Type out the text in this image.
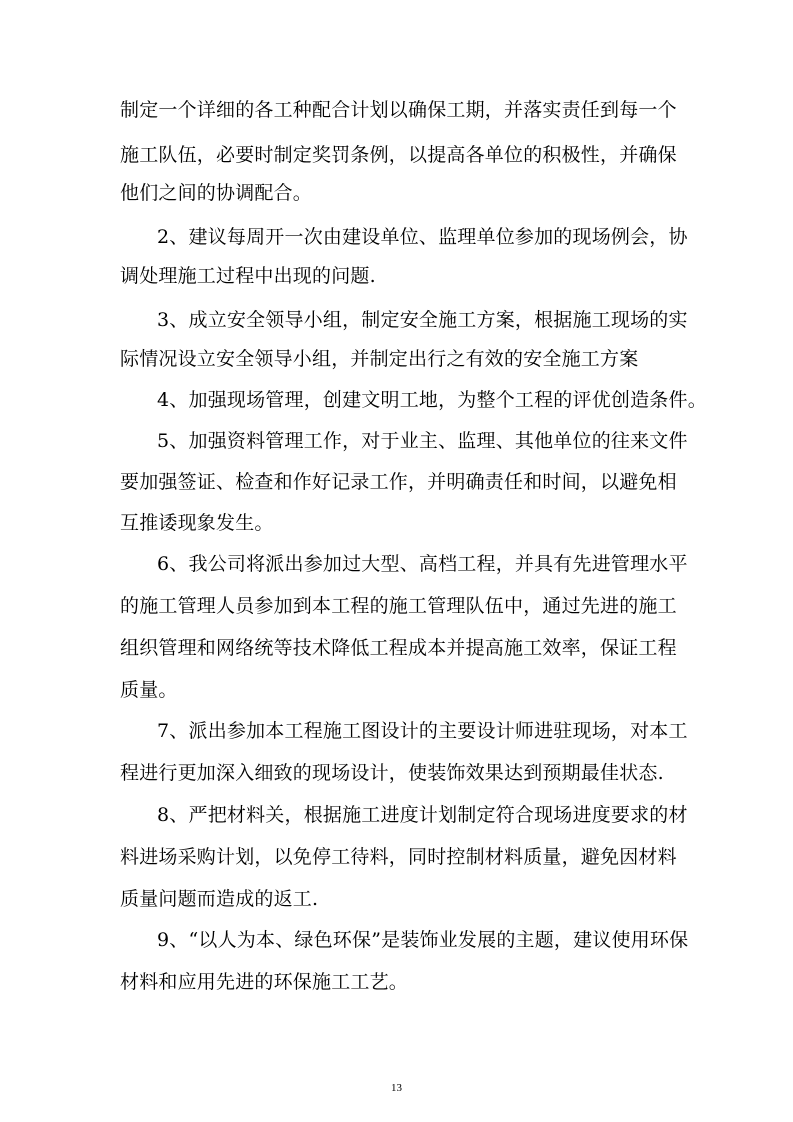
制定一个详细的各工种配合计划以确保工期，并落实责任到每一个
施工队伍，必要时制定奖罚条例，以提高各单位的积极性，并确保
他们之间的协调配合。
2、建议每周开一次由建设单位、监理单位参加的现场例会，协
调处理施工过程中出现的问题.
3、成立安全领导小组，制定安全施工方案，根据施工现场的实
际情况设立安全领导小组，并制定出行之有效的安全施工方案
4、加强现场管理，创建文明工地，为整个工程的评优创造条件。
5、加强资料管理工作，对于业主、监理、其他单位的往来文件
要加强签证、检查和作好记录工作，并明确责任和时间，以避免相
互推诿现象发生。
6、我公司将派出参加过大型、高档工程，并具有先进管理水平
的施工管理人员参加到本工程的施工管理队伍中，通过先进的施工
组织管理和网络统等技术降低工程成本并提高施工效率，保证工程
质量。
7、派出参加本工程施工图设计的主要设计师进驻现场，对本工
程进行更加深入细致的现场设计，使装饰效果达到预期最佳状态.
8、严把材料关，根据施工进度计划制定符合现场进度要求的材
料进场采购计划，以免停工待料，同时控制材料质量，避免因材料
质量问题而造成的返工.
9、“以人为本、绿色环保”是装饰业发展的主题，建议使用环保
材料和应用先进的环保施工工艺。
13
